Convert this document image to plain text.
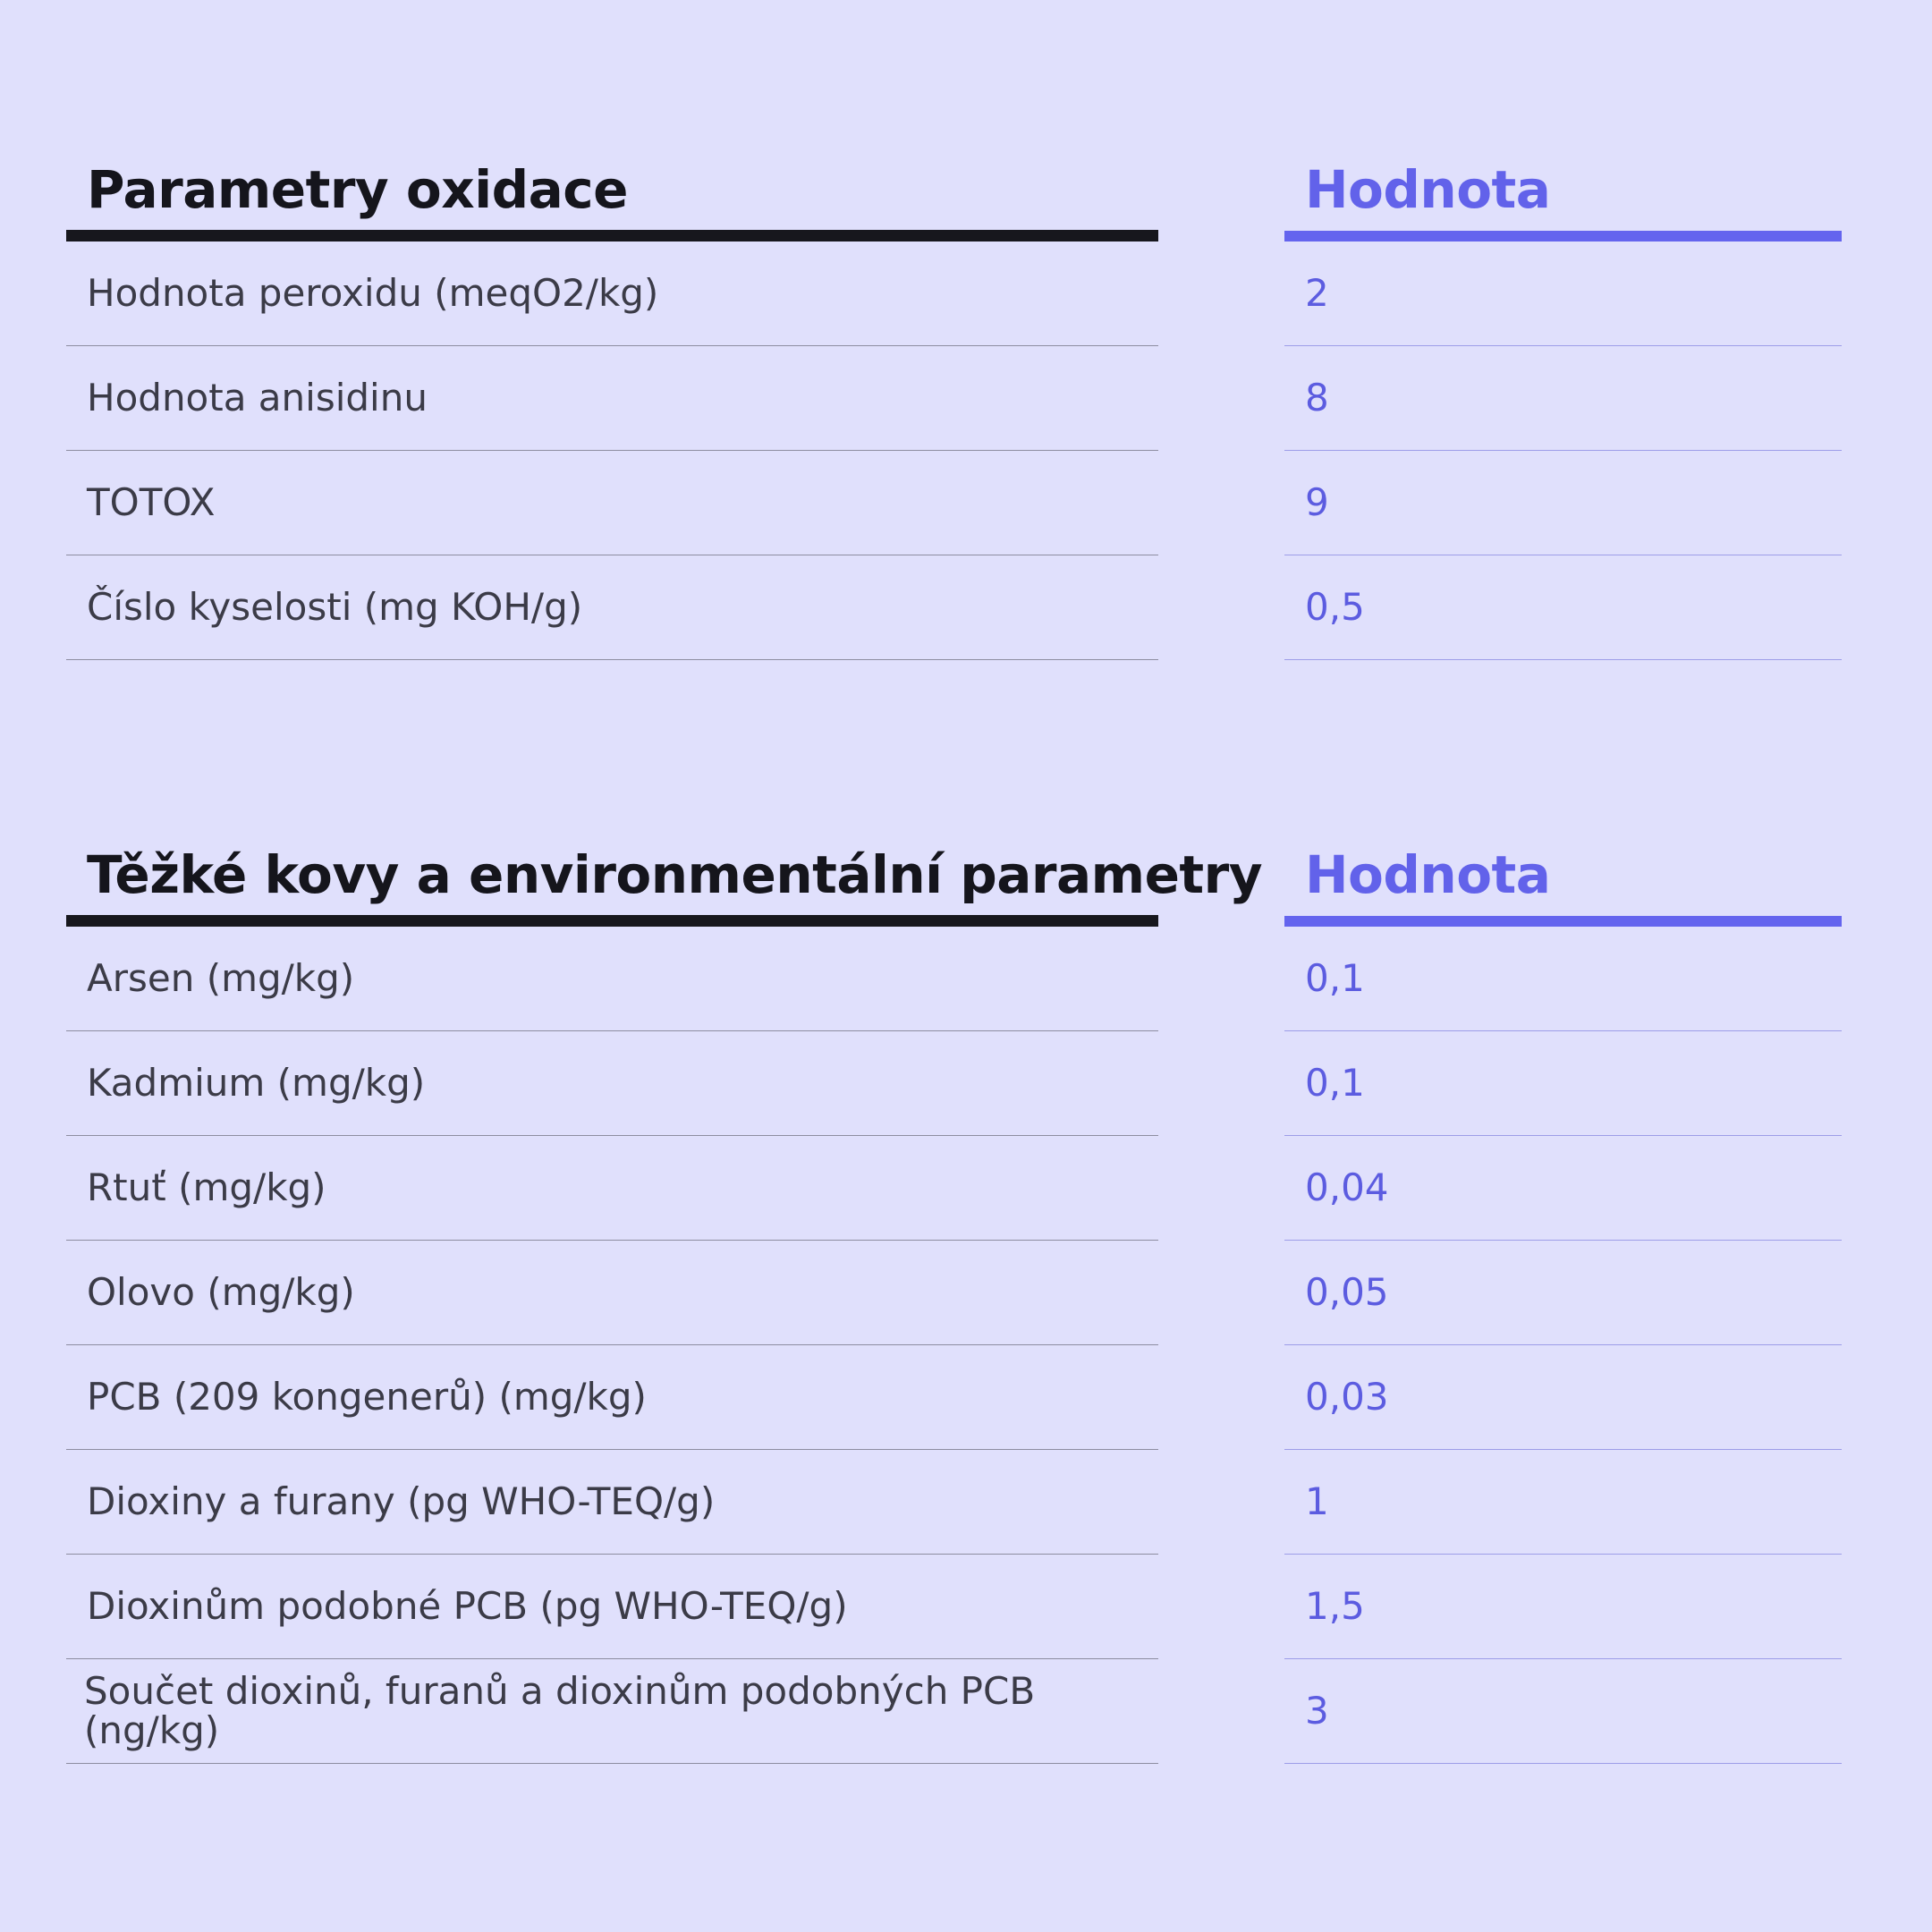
Parametry oxidace
Hodnota peroxidu (meqO2/kg)
Hodnota anisidinu
TOTOX
Číslo kyselosti (mg KOH/g)
Hodnota
2
8
9
0,5
Těžké kovy a environmentální parametry
Arsen (mg/kg)
Kadmium (mg/kg)
Rtuť (mg/kg)
Olovo (mg/kg)
PCB (209 kongenerů) (mg/kg)
Dioxiny a furany (pg WHO-TEQ/g)
Dioxinům podobné PCB (pg WHO-TEQ/g)
Součet dioxinů, furanů a dioxinům podobných PCB (ng/kg)
Hodnota
0,1
0,1
0,04
0,05
0,03
1
1,5
3
